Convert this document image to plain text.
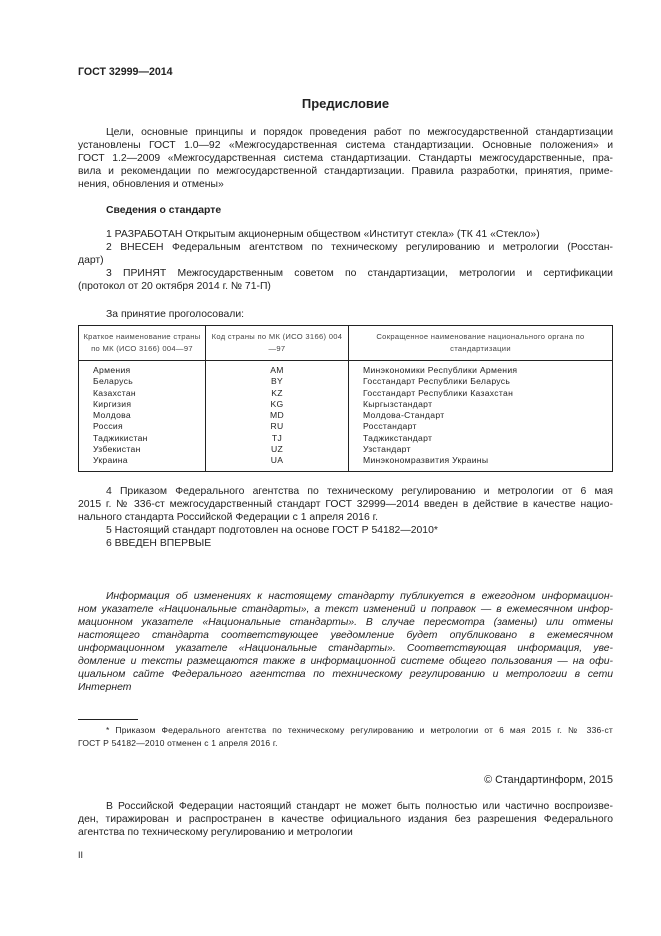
ГОСТ 32999—2014
Предисловие
Цели, основные принципы и порядок проведения работ по межгосударственной стандартизации
установлены ГОСТ 1.0—92 «Межгосударственная система стандартизации. Основные положения» и
ГОСТ 1.2—2009 «Межгосударственная система стандартизации. Стандарты межгосударственные, пра-
вила и рекомендации по межгосударственной стандартизации. Правила разработки, принятия, приме-
нения, обновления и отмены»
Сведения о стандарте
1 РАЗРАБОТАН Открытым акционерным обществом «Институт стекла» (ТК 41 «Стекло»)
2 ВНЕСЕН Федеральным агентством по техническому регулированию и метрологии (Росстан-
дарт)
3 ПРИНЯТ Межгосударственным советом по стандартизации, метрологии и сертификации
(протокол от 20 октября 2014 г. № 71-П)
За принятие проголосовали:
Краткое наименование страны по МК (ИСО 3166) 004—97	Код страны по МК (ИСО 3166) 004—97	Сокращенное наименование национального органа по стандартизации
Армения	AM	Минэкономики Республики Армения
Беларусь	BY	Госстандарт Республики Беларусь
Казахстан	KZ	Госстандарт Республики Казахстан
Киргизия	KG	Кыргызстандарт
Молдова	MD	Молдова-Стандарт
Россия	RU	Росстандарт
Таджикистан	TJ	Таджикстандарт
Узбекистан	UZ	Узстандарт
Украина	UA	Минэкономразвития Украины
4 Приказом Федерального агентства по техническому регулированию и метрологии от 6 мая
2015 г. № 336-ст межгосударственный стандарт ГОСТ 32999—2014 введен в действие в качестве нацио-
нального стандарта Российской Федерации с 1 апреля 2016 г.
5 Настоящий стандарт подготовлен на основе ГОСТ Р 54182—2010*
6 ВВЕДЕН ВПЕРВЫЕ
Информация об изменениях к настоящему стандарту публикуется в ежегодном информацион-
ном указателе «Национальные стандарты», а текст изменений и поправок — в ежемесячном инфор-
мационном указателе «Национальные стандарты». В случае пересмотра (замены) или отмены
настоящего стандарта соответствующее уведомление будет опубликовано в ежемесячном
информационном указателе «Национальные стандарты». Соответствующая информация, уве-
домление и тексты размещаются также в информационной системе общего пользования — на офи-
циальном сайте Федерального агентства по техническому регулированию и метрологии в сети
Интернет
* Приказом Федерального агентства по техническому регулированию и метрологии от 6 мая 2015 г. № 336-ст
ГОСТ Р 54182—2010 отменен с 1 апреля 2016 г.
© Стандартинформ, 2015
В Российской Федерации настоящий стандарт не может быть полностью или частично воспроизве-
ден, тиражирован и распространен в качестве официального издания без разрешения Федерального
агентства по техническому регулированию и метрологии
II
